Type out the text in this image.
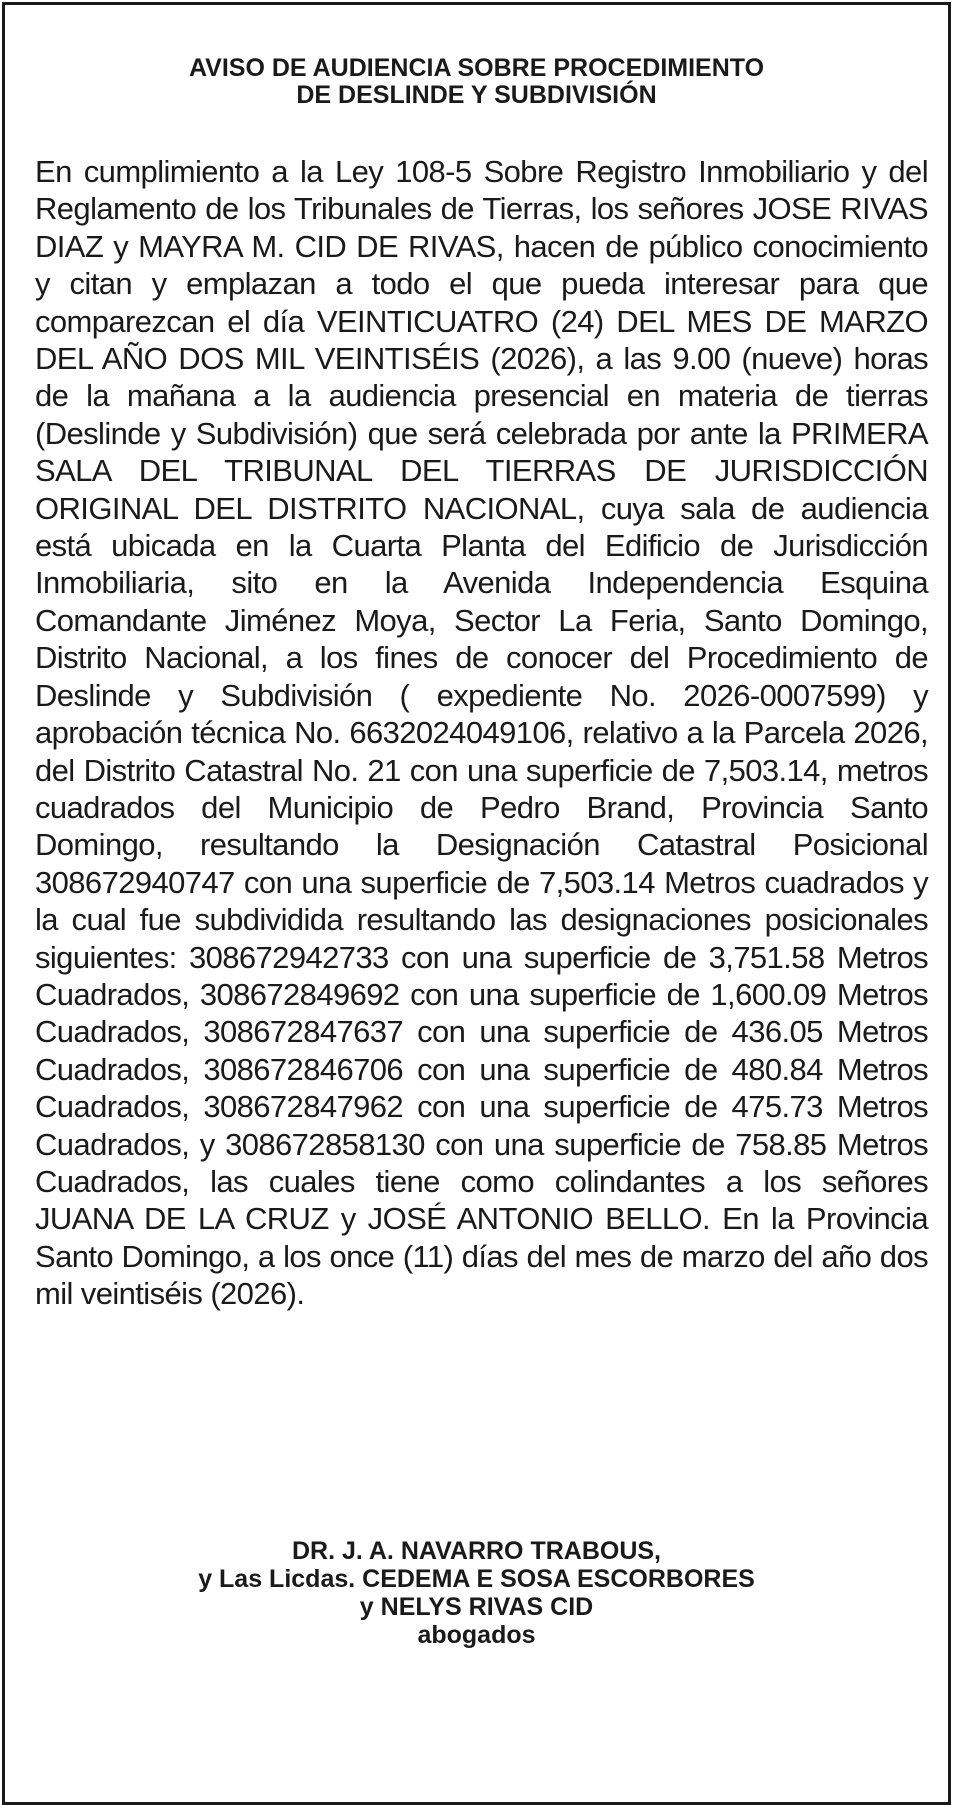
AVISO DE AUDIENCIA SOBRE PROCEDIMIENTO
DE DESLINDE Y SUBDIVISIÓN

En cumplimiento a la Ley 108-5 Sobre Registro Inmobiliario y del Reglamento de los Tribunales de Tierras, los señores JOSE RIVAS DIAZ y MAYRA M. CID DE RIVAS, hacen de público conocimiento y citan y emplazan a todo el que pueda interesar para que comparezcan el día VEINTICUATRO (24) DEL MES DE MARZO DEL AÑO DOS MIL VEINTISÉIS (2026), a las 9.00 (nueve) horas de la mañana a la audiencia presencial en materia de tierras (Deslinde y Subdivisión) que será celebrada por ante la PRIMERA SALA DEL TRIBUNAL DEL TIERRAS DE JURISDICCIÓN ORIGINAL DEL DISTRITO NACIONAL, cuya sala de audiencia está ubicada en la Cuarta Planta del Edificio de Jurisdicción Inmobiliaria, sito en la Avenida Independencia Esquina Comandante Jiménez Moya, Sector La Feria, Santo Domingo, Distrito Nacional, a los fines de conocer del Procedimiento de Deslinde y Subdivisión ( expediente No. 2026-0007599) y aprobación técnica No. 6632024049106, relativo a la Parcela 2026, del Distrito Catastral No. 21 con una superficie de 7,503.14, metros cuadrados del Municipio de Pedro Brand, Provincia Santo Domingo, resultando la Designación Catastral Posicional 308672940747 con una superficie de 7,503.14 Metros cuadrados y la cual fue subdividida resultando las designaciones posicionales siguientes: 308672942733 con una superficie de 3,751.58 Metros Cuadrados, 308672849692 con una superficie de 1,600.09 Metros Cuadrados, 308672847637 con una superficie de 436.05 Metros Cuadrados, 308672846706 con una superficie de 480.84 Metros Cuadrados, 308672847962 con una superficie de 475.73 Metros Cuadrados, y 308672858130 con una superficie de 758.85 Metros Cuadrados, las cuales tiene como colindantes a los señores JUANA DE LA CRUZ y JOSÉ ANTONIO BELLO. En la Provincia Santo Domingo, a los once (11) días del mes de marzo del año dos mil veintiséis (2026).

DR. J. A. NAVARRO TRABOUS,
y Las Licdas. CEDEMA E SOSA ESCORBORES
y NELYS RIVAS CID
abogados
